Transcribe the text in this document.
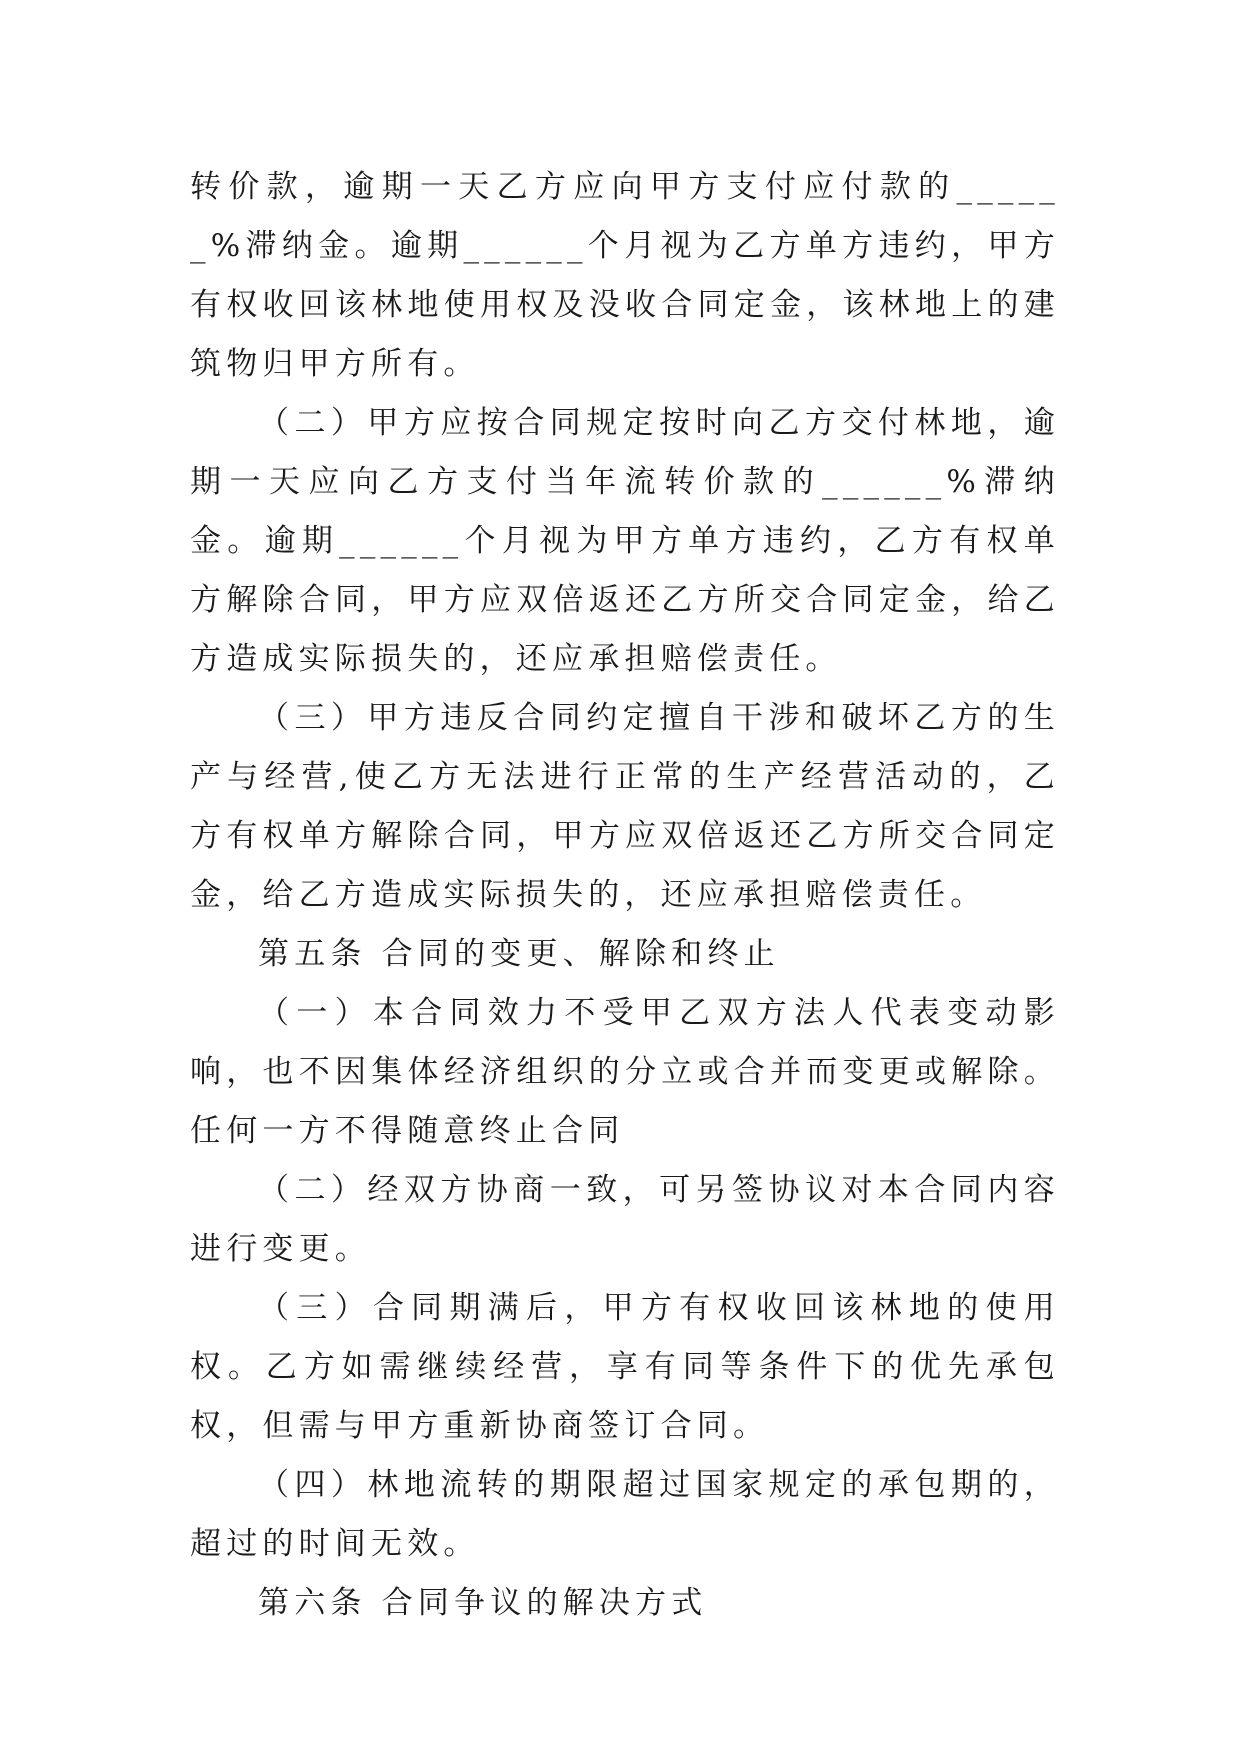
转价款，逾期一天乙方应向甲方支付应付款的______%滞纳金。逾期______个月视为乙方单方违约，甲方有权收回该林地使用权及没收合同定金，该林地上的建筑物归甲方所有。

（二）甲方应按合同规定按时向乙方交付林地，逾期一天应向乙方支付当年流转价款的______%滞纳金。逾期______个月视为甲方单方违约，乙方有权单方解除合同，甲方应双倍返还乙方所交合同定金，给乙方造成实际损失的，还应承担赔偿责任。

（三）甲方违反合同约定擅自干涉和破坏乙方的生产与经营,使乙方无法进行正常的生产经营活动的，乙方有权单方解除合同，甲方应双倍返还乙方所交合同定金，给乙方造成实际损失的，还应承担赔偿责任。

第五条 合同的变更、解除和终止

（一）本合同效力不受甲乙双方法人代表变动影响，也不因集体经济组织的分立或合并而变更或解除。任何一方不得随意终止合同

（二）经双方协商一致，可另签协议对本合同内容进行变更。

（三）合同期满后，甲方有权收回该林地的使用权。乙方如需继续经营，享有同等条件下的优先承包权，但需与甲方重新协商签订合同。

（四）林地流转的期限超过国家规定的承包期的，超过的时间无效。

第六条 合同争议的解决方式
